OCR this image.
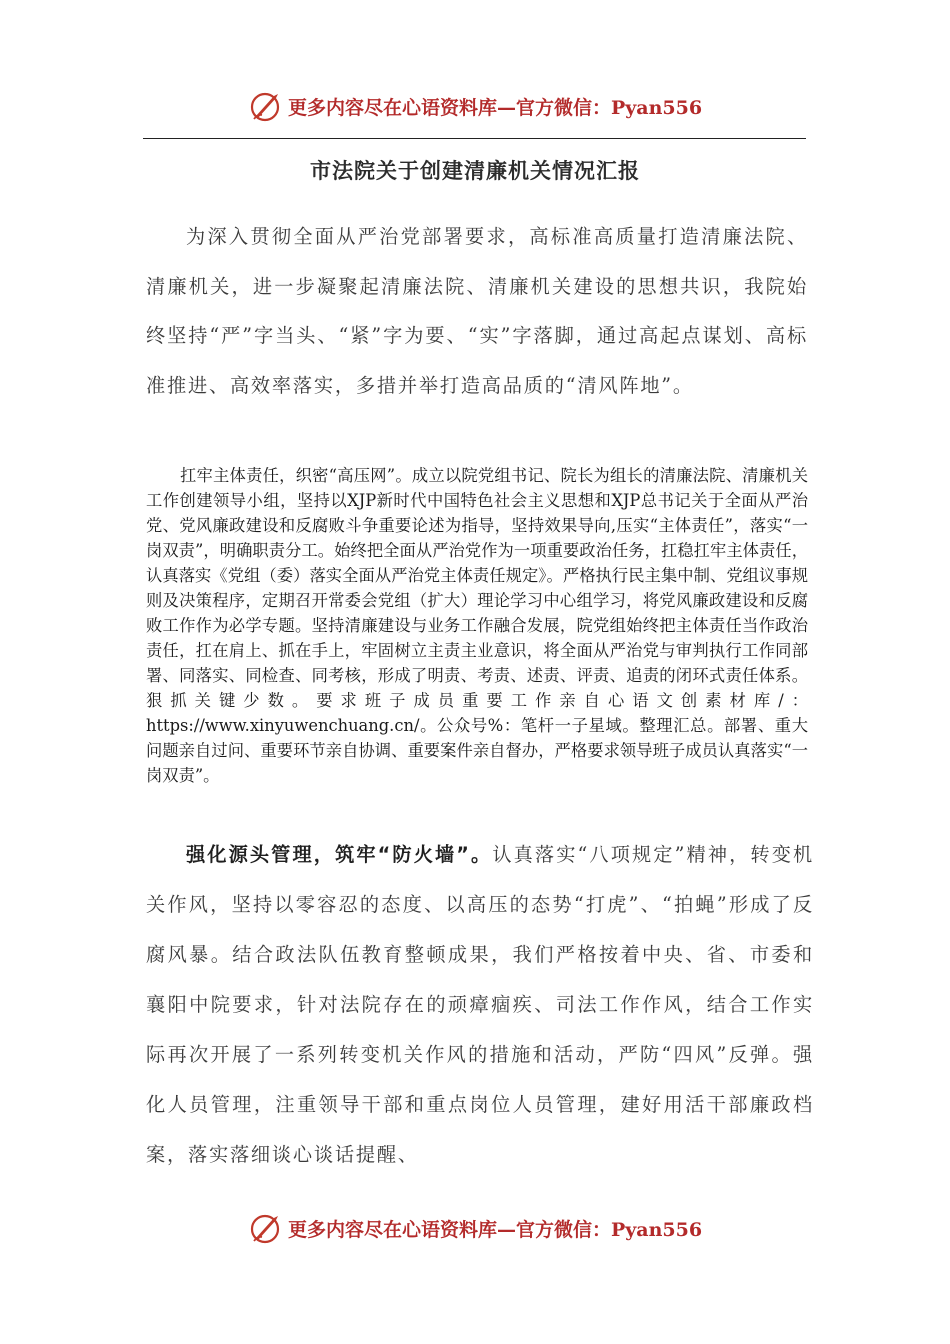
更多内容尽在心语资料库—官方微信：Pyan556
市法院关于创建清廉机关情况汇报

为深入贯彻全面从严治党部署要求，高标准高质量打造清廉法院、清廉机关，进一步凝聚起清廉法院、清廉机关建设的思想共识，我院始终坚持“严”字当头、“紧”字为要、“实”字落脚，通过高起点谋划、高标准推进、高效率落实，多措并举打造高品质的“清风阵地”。

扛牢主体责任，织密“高压网”。成立以院党组书记、院长为组长的清廉法院、清廉机关工作创建领导小组，坚持以XJP新时代中国特色社会主义思想和XJP总书记关于全面从严治党、党风廉政建设和反腐败斗争重要论述为指导，坚持效果导向,压实“主体责任”，落实“一岗双责”，明确职责分工。始终把全面从严治党作为一项重要政治任务，扛稳扛牢主体责任，认真落实《党组（委）落实全面从严治党主体责任规定》。严格执行民主集中制、党组议事规则及决策程序，定期召开常委会党组（扩大）理论学习中心组学习，将党风廉政建设和反腐败工作作为必学专题。坚持清廉建设与业务工作融合发展，院党组始终把主体责任当作政治责任，扛在肩上、抓在手上，牢固树立主责主业意识，将全面从严治党与审判执行工作同部署、同落实、同检查、同考核，形成了明责、考责、述责、评责、追责的闭环式责任体系。狠抓关键少数。要求班子成员重要工作亲自心语文创素材库/：https://www.xinyuwenchuang.cn/。公众号%：笔杆一子星域。整理汇总。部署、重大问题亲自过问、重要环节亲自协调、重要案件亲自督办，严格要求领导班子成员认真落实“一岗双责”。

强化源头管理，筑牢“防火墙”。认真落实“八项规定”精神，转变机关作风，坚持以零容忍的态度、以高压的态势“打虎”、“拍蝇”形成了反腐风暴。结合政法队伍教育整顿成果，我们严格按着中央、省、市委和襄阳中院要求，针对法院存在的顽瘴痼疾、司法工作作风，结合工作实际再次开展了一系列转变机关作风的措施和活动，严防“四风”反弹。强化人员管理，注重领导干部和重点岗位人员管理，建好用活干部廉政档案，落实落细谈心谈话提醒、

更多内容尽在心语资料库—官方微信：Pyan556
